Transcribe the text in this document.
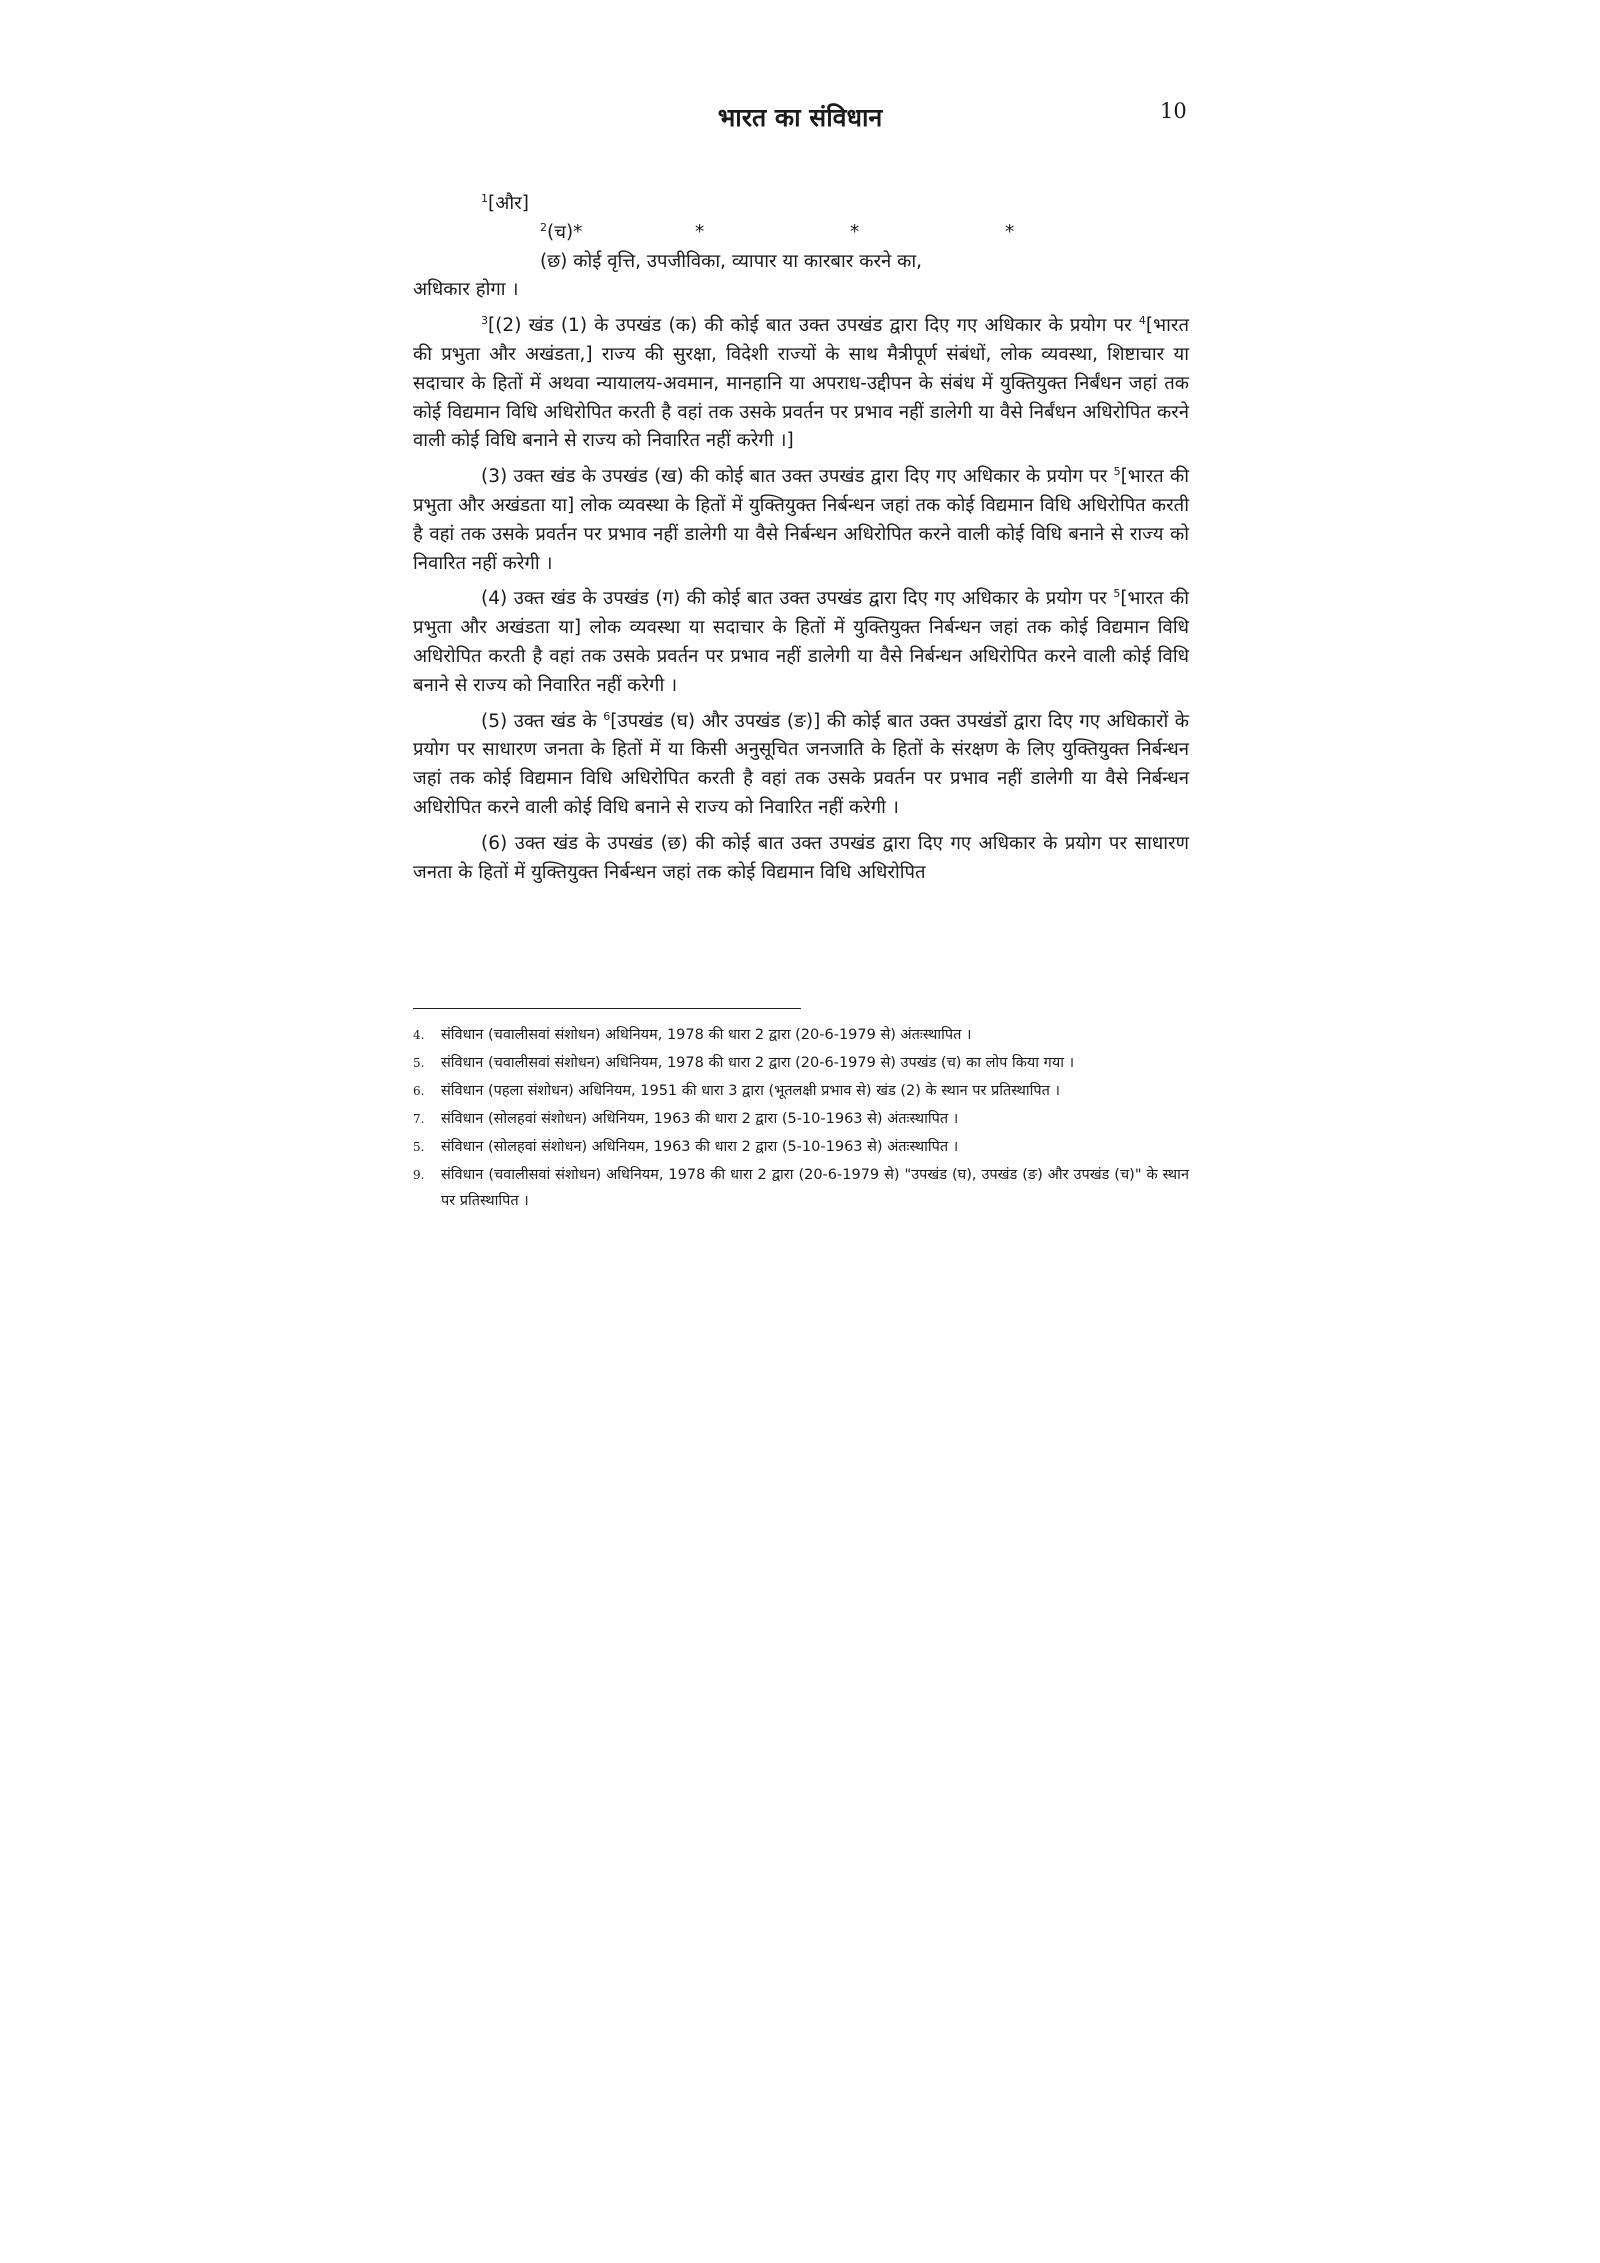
भारत का संविधान	10

$^1$[और]

$^2$(च)*	*	*	*

(छ) कोई वृत्ति, उपजीविका, व्यापार या कारबार करने का,

अधिकार होगा ।

$^3$[(2) खंड (1) के उपखंड (क) की कोई बात उक्त उपखंड द्वारा दिए गए अधिकार के प्रयोग पर $^4$[भारत की प्रभुता और अखंडता,] राज्य की सुरक्षा, विदेशी राज्यों के साथ मैत्रीपूर्ण संबंधों, लोक व्यवस्था, शिष्टाचार या सदाचार के हितों में अथवा न्यायालय-अवमान, मानहानि या अपराध-उद्दीपन के संबंध में युक्तियुक्त निर्बंधन जहां तक कोई विद्यमान विधि अधिरोपित करती है वहां तक उसके प्रवर्तन पर प्रभाव नहीं डालेगी या वैसे निर्बंधन अधिरोपित करने वाली कोई विधि बनाने से राज्य को निवारित नहीं करेगी ।]

(3) उक्त खंड के उपखंड (ख) की कोई बात उक्त उपखंड द्वारा दिए गए अधिकार के प्रयोग पर $^5$[भारत की प्रभुता और अखंडता या] लोक व्यवस्था के हितों में युक्तियुक्त निर्बन्धन जहां तक कोई विद्यमान विधि अधिरोपित करती है वहां तक उसके प्रवर्तन पर प्रभाव नहीं डालेगी या वैसे निर्बन्धन अधिरोपित करने वाली कोई विधि बनाने से राज्य को निवारित नहीं करेगी ।

(4) उक्त खंड के उपखंड (ग) की कोई बात उक्त उपखंड द्वारा दिए गए अधिकार के प्रयोग पर $^5$[भारत की प्रभुता और अखंडता या] लोक व्यवस्था या सदाचार के हितों में युक्तियुक्त निर्बन्धन जहां तक कोई विद्यमान विधि अधिरोपित करती है वहां तक उसके प्रवर्तन पर प्रभाव नहीं डालेगी या वैसे निर्बन्धन अधिरोपित करने वाली कोई विधि बनाने से राज्य को निवारित नहीं करेगी ।

(5) उक्त खंड के $^6$[उपखंड (घ) और उपखंड (ङ)] की कोई बात उक्त उपखंडों द्वारा दिए गए अधिकारों के प्रयोग पर साधारण जनता के हितों में या किसी अनुसूचित जनजाति के हितों के संरक्षण के लिए युक्तियुक्त निर्बन्धन जहां तक कोई विद्यमान विधि अधिरोपित करती है वहां तक उसके प्रवर्तन पर प्रभाव नहीं डालेगी या वैसे निर्बन्धन अधिरोपित करने वाली कोई विधि बनाने से राज्य को निवारित नहीं करेगी ।

(6) उक्त खंड के उपखंड (छ) की कोई बात उक्त उपखंड द्वारा दिए गए अधिकार के प्रयोग पर साधारण जनता के हितों में युक्तियुक्त निर्बन्धन जहां तक कोई विद्यमान विधि अधिरोपित

4. संविधान (चवालीसवां संशोधन) अधिनियम, 1978 की धारा 2 द्वारा (20-6-1979 से) अंतःस्थापित ।

5. संविधान (चवालीसवां संशोधन) अधिनियम, 1978 की धारा 2 द्वारा (20-6-1979 से) उपखंड (च) का लोप किया गया ।

6. संविधान (पहला संशोधन) अधिनियम, 1951 की धारा 3 द्वारा (भूतलक्षी प्रभाव से) खंड (2) के स्थान पर प्रतिस्थापित ।

7. संविधान (सोलहवां संशोधन) अधिनियम, 1963 की धारा 2 द्वारा (5-10-1963 से) अंतःस्थापित ।

5. संविधान (सोलहवां संशोधन) अधिनियम, 1963 की धारा 2 द्वारा (5-10-1963 से) अंतःस्थापित ।

9. संविधान (चवालीसवां संशोधन) अधिनियम, 1978 की धारा 2 द्वारा (20-6-1979 से) "उपखंड (घ), उपखंड (ङ) और उपखंड (च)" के स्थान पर प्रतिस्थापित ।
